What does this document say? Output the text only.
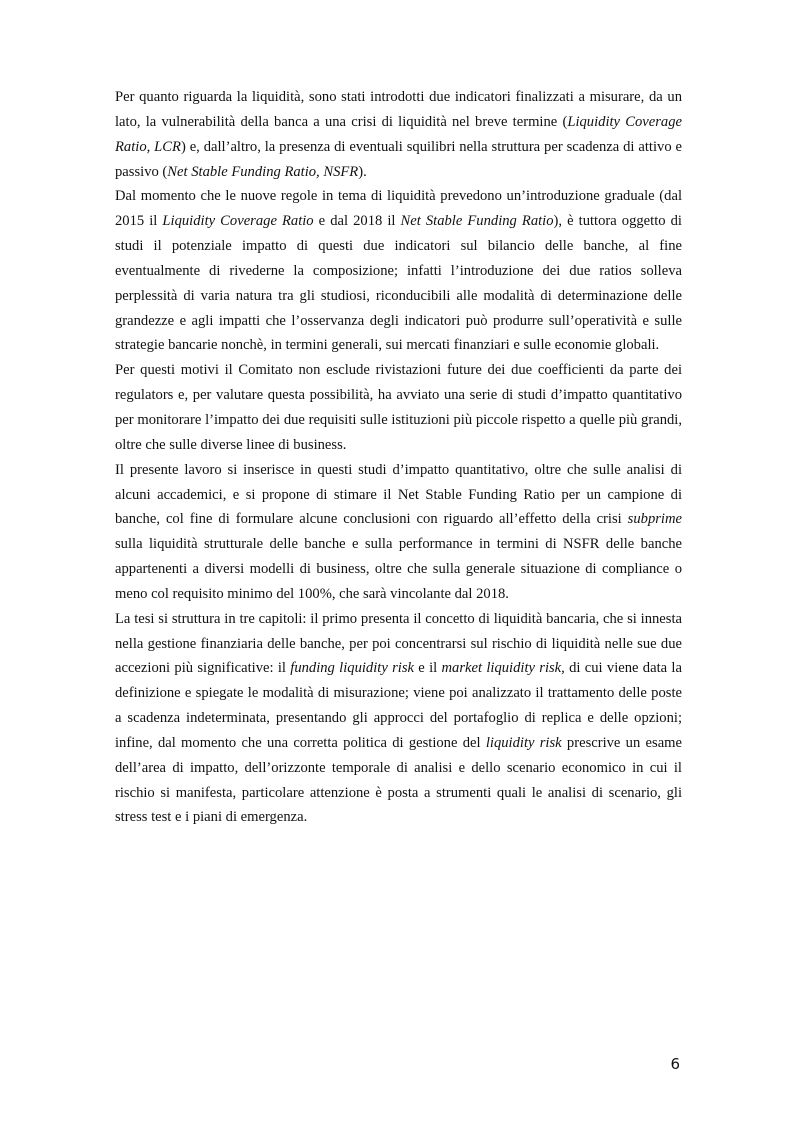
Per quanto riguarda la liquidità, sono stati introdotti due indicatori finalizzati a misurare, da un lato, la vulnerabilità della banca a una crisi di liquidità nel breve termine (Liquidity Coverage Ratio, LCR) e, dall’altro, la presenza di eventuali squilibri nella struttura per scadenza di attivo e passivo (Net Stable Funding Ratio, NSFR).

Dal momento che le nuove regole in tema di liquidità prevedono un’introduzione graduale (dal 2015 il Liquidity Coverage Ratio e dal 2018 il Net Stable Funding Ratio), è tuttora oggetto di studi il potenziale impatto di questi due indicatori sul bilancio delle banche, al fine eventualmente di rivederne la composizione; infatti l’introduzione dei due ratios solleva perplessità di varia natura tra gli studiosi, riconducibili alle modalità di determinazione delle grandezze e agli impatti che l’osservanza degli indicatori può produrre sull’operatività e sulle strategie bancarie nonchè, in termini generali, sui mercati finanziari e sulle economie globali.

Per questi motivi il Comitato non esclude rivistazioni future dei due coefficienti da parte dei regulators e, per valutare questa possibilità, ha avviato una serie di studi d’impatto quantitativo per monitorare l’impatto dei due requisiti sulle istituzioni più piccole rispetto a quelle più grandi, oltre che sulle diverse linee di business.

Il presente lavoro si inserisce in questi studi d’impatto quantitativo, oltre che sulle analisi di alcuni accademici, e si propone di stimare il Net Stable Funding Ratio per un campione di banche, col fine di formulare alcune conclusioni con riguardo all’effetto della crisi subprime sulla liquidità strutturale delle banche e sulla performance in termini di NSFR delle banche appartenenti a diversi modelli di business, oltre che sulla generale situazione di compliance o meno col requisito minimo del 100%, che sarà vincolante dal 2018.

La tesi si struttura in tre capitoli: il primo presenta il concetto di liquidità bancaria, che si innesta nella gestione finanziaria delle banche, per poi concentrarsi sul rischio di liquidità nelle sue due accezioni più significative: il funding liquidity risk e il market liquidity risk, di cui viene data la definizione e spiegate le modalità di misurazione; viene poi analizzato il trattamento delle poste a scadenza indeterminata, presentando gli approcci del portafoglio di replica e delle opzioni; infine, dal momento che una corretta politica di gestione del liquidity risk prescrive un esame dell’area di impatto, dell’orizzonte temporale di analisi e dello scenario economico in cui il rischio si manifesta, particolare attenzione è posta a strumenti quali le analisi di scenario, gli stress test e i piani di emergenza.

6
